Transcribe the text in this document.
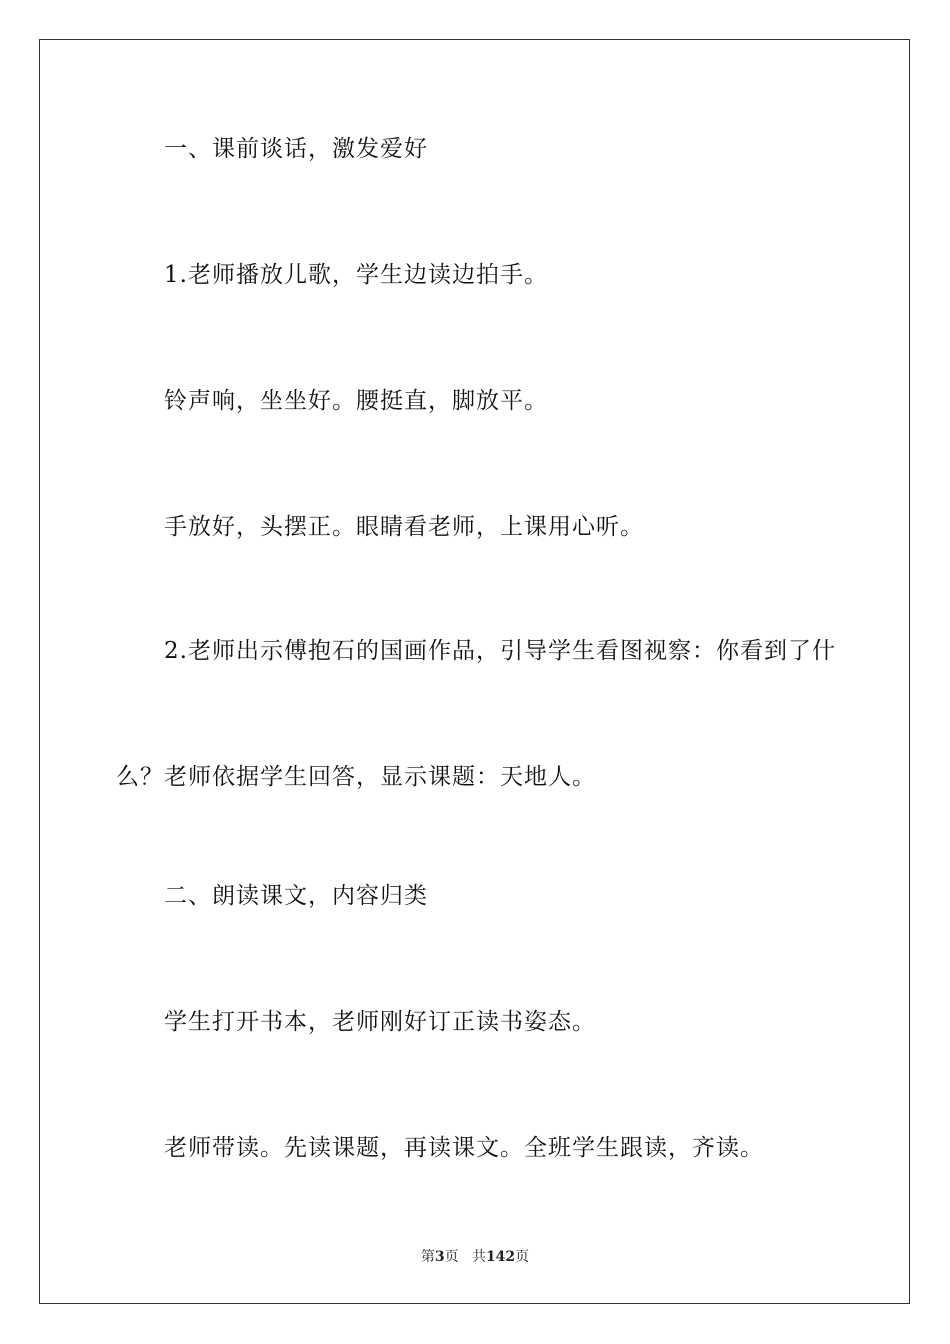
一、课前谈话，激发爱好
1.老师播放儿歌，学生边读边拍手。
铃声响，坐坐好。腰挺直，脚放平。
手放好，头摆正。眼睛看老师，上课用心听。
2.老师出示傅抱石的国画作品，引导学生看图视察：你看到了什
么？老师依据学生回答，显示课题：天地人。
二、朗读课文，内容归类
学生打开书本，老师刚好订正读书姿态。
老师带读。先读课题，再读课文。全班学生跟读，齐读。
第3页 共142页
